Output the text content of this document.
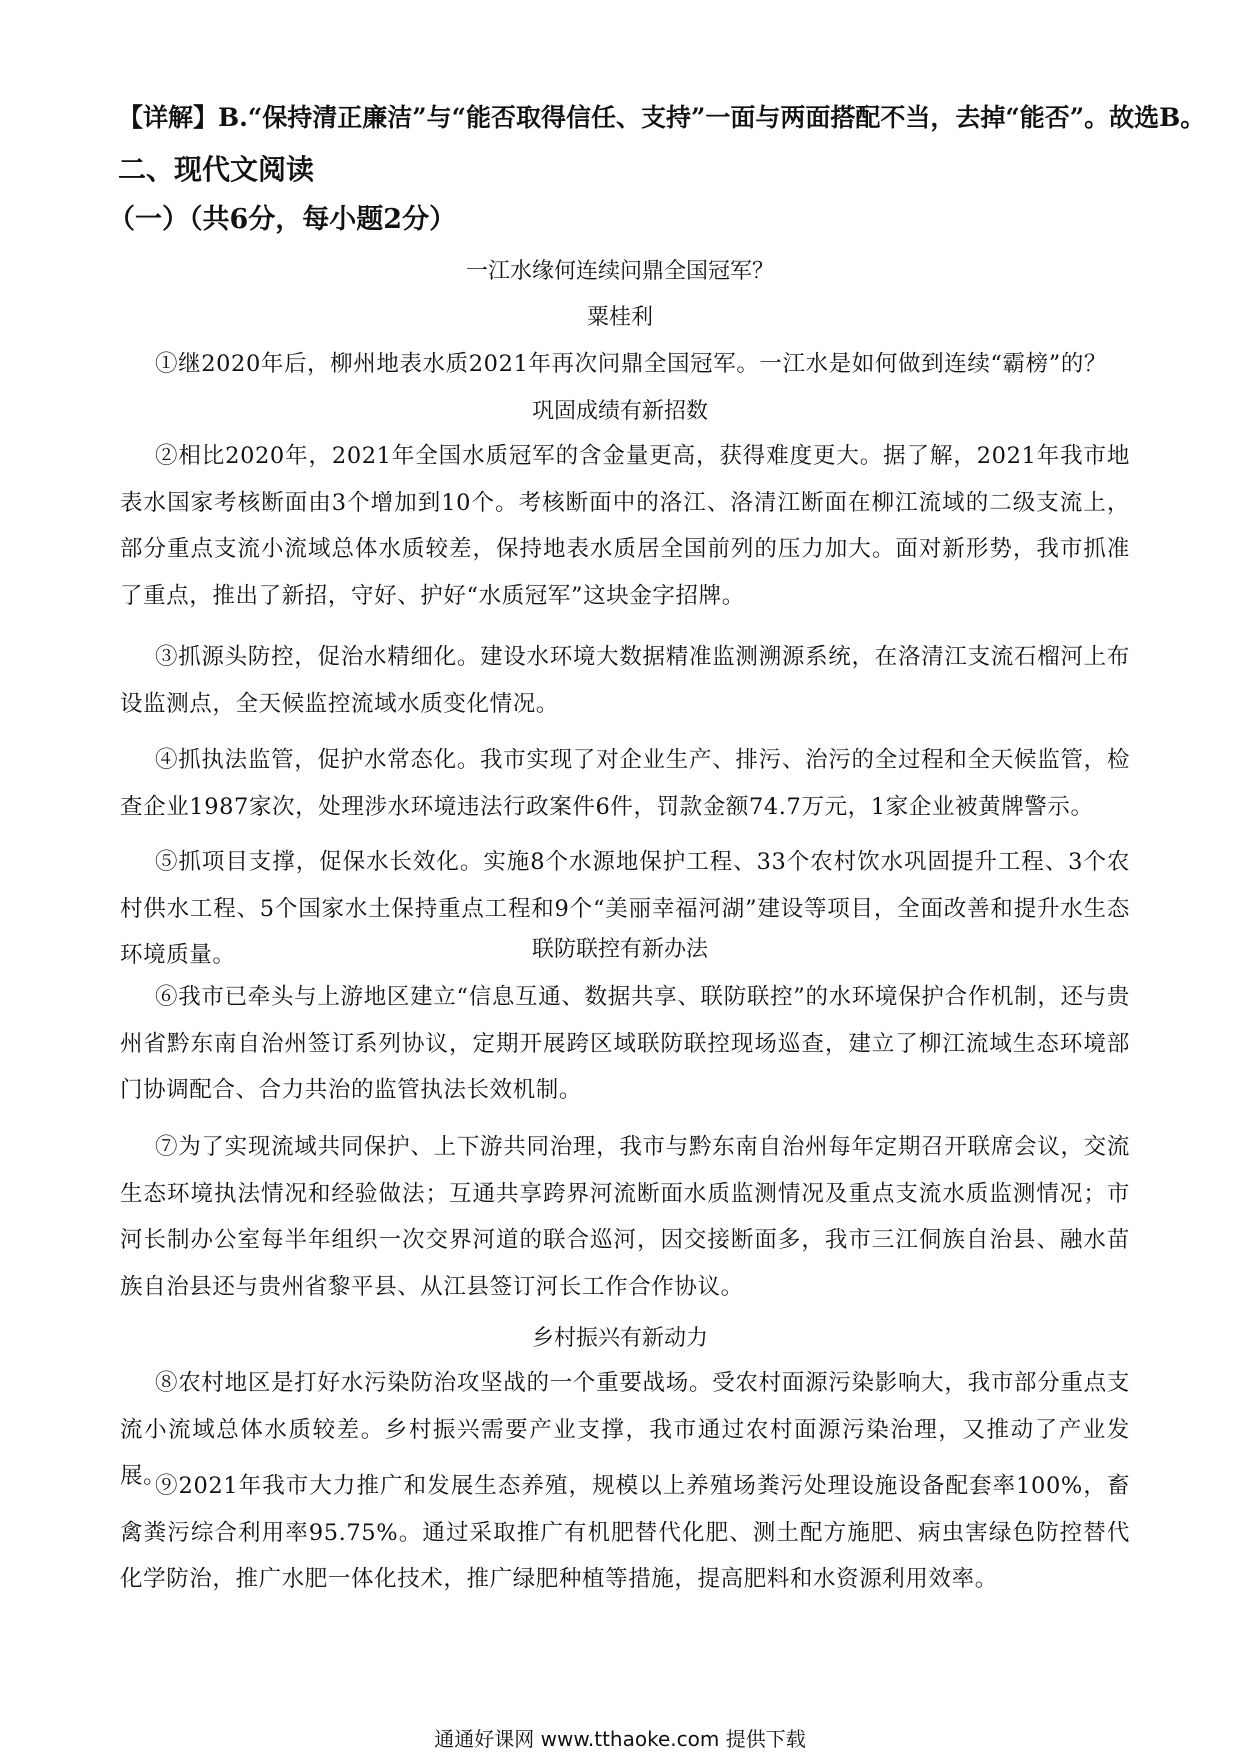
【详解】B.“保持清正廉洁”与“能否取得信任、支持”一面与两面搭配不当，去掉“能否”。故选B。
二、现代文阅读
（一）（共6分，每小题2分）
一江水缘何连续问鼎全国冠军？
粟桂利
①继2020年后，柳州地表水质2021年再次问鼎全国冠军。一江水是如何做到连续“霸榜”的？
巩固成绩有新招数
②相比2020年，2021年全国水质冠军的含金量更高，获得难度更大。据了解，2021年我市地表水国家考核断面由3个增加到10个。考核断面中的洛江、洛清江断面在柳江流域的二级支流上，部分重点支流小流域总体水质较差，保持地表水质居全国前列的压力加大。面对新形势，我市抓准了重点，推出了新招，守好、护好“水质冠军”这块金字招牌。
③抓源头防控，促治水精细化。建设水环境大数据精准监测溯源系统，在洛清江支流石榴河上布设监测点，全天候监控流域水质变化情况。
④抓执法监管，促护水常态化。我市实现了对企业生产、排污、治污的全过程和全天候监管，检查企业1987家次，处理涉水环境违法行政案件6件，罚款金额74.7万元，1家企业被黄牌警示。
⑤抓项目支撑，促保水长效化。实施8个水源地保护工程、33个农村饮水巩固提升工程、3个农村供水工程、5个国家水土保持重点工程和9个“美丽幸福河湖”建设等项目，全面改善和提升水生态环境质量。	联防联控有新办法
⑥我市已牵头与上游地区建立“信息互通、数据共享、联防联控”的水环境保护合作机制，还与贵州省黔东南自治州签订系列协议，定期开展跨区域联防联控现场巡查，建立了柳江流域生态环境部门协调配合、合力共治的监管执法长效机制。
⑦为了实现流域共同保护、上下游共同治理，我市与黔东南自治州每年定期召开联席会议，交流生态环境执法情况和经验做法；互通共享跨界河流断面水质监测情况及重点支流水质监测情况；市河长制办公室每半年组织一次交界河道的联合巡河，因交接断面多，我市三江侗族自治县、融水苗族自治县还与贵州省黎平县、从江县签订河长工作合作协议。
乡村振兴有新动力
⑧农村地区是打好水污染防治攻坚战的一个重要战场。受农村面源污染影响大，我市部分重点支流小流域总体水质较差。乡村振兴需要产业支撑，我市通过农村面源污染治理，又推动了产业发展。
⑨2021年我市大力推广和发展生态养殖，规模以上养殖场粪污处理设施设备配套率100%，畜禽粪污综合利用率95.75%。通过采取推广有机肥替代化肥、测土配方施肥、病虫害绿色防控替代化学防治，推广水肥一体化技术，推广绿肥种植等措施，提高肥料和水资源利用效率。
通通好课网 www.tthaoke.com 提供下载
